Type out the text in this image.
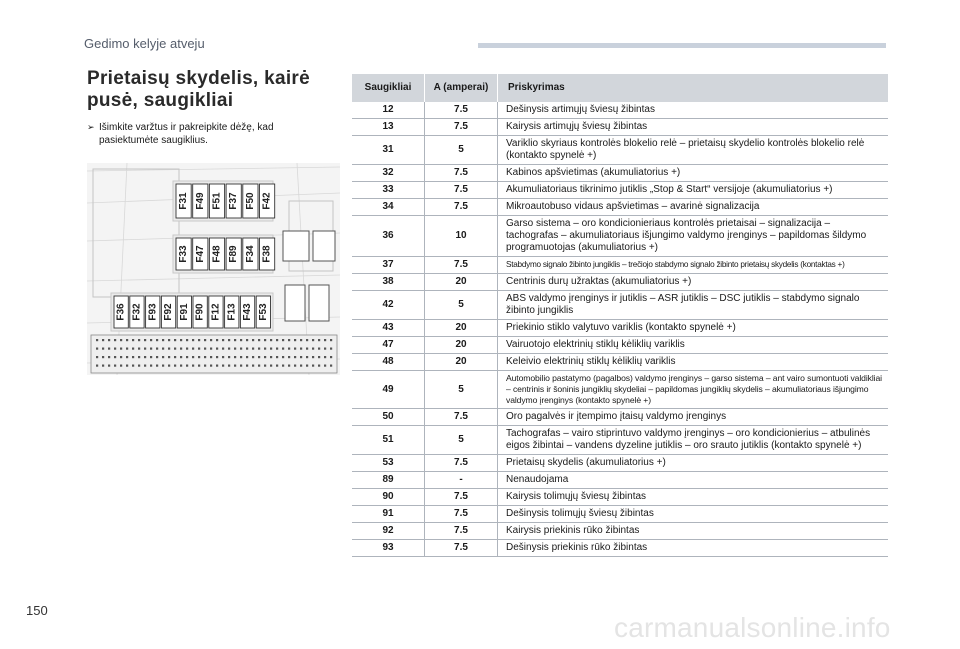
Gedimo kelyje atveju
Prietaisų skydelis, kairė pusė, saugikliai
➢ Išimkite varžtus ir pakreipkite dėžę, kad pasiektumėte saugiklius.
F31 F49 F51 F37 F50 F42
F33 F47 F48 F89 F34 F38
F36 F32 F93 F92 F91 F90 F12 F13 F43 F53
Saugikliai	A (amperai)	Priskyrimas
12	7.5	Dešinysis artimųjų šviesų žibintas
13	7.5	Kairysis artimųjų šviesų žibintas
31	5	Variklio skyriaus kontrolės blokelio relė – prietaisų skydelio kontrolės blokelio relė (kontakto spynelė +)
32	7.5	Kabinos apšvietimas (akumuliatorius +)
33	7.5	Akumuliatoriaus tikrinimo jutiklis „Stop & Start“ versijoje (akumuliatorius +)
34	7.5	Mikroautobuso vidaus apšvietimas – avarinė signalizacija
36	10	Garso sistema – oro kondicionieriaus kontrolės prietaisai – signalizacija – tachografas – akumuliatoriaus išjungimo valdymo įrenginys – papildomas šildymo programuotojas (akumuliatorius +)
37	7.5	Stabdymo signalo žibinto jungiklis – trečiojo stabdymo signalo žibinto prietaisų skydelis (kontaktas +)
38	20	Centrinis durų užraktas (akumuliatorius +)
42	5	ABS valdymo įrenginys ir jutiklis – ASR jutiklis – DSC jutiklis – stabdymo signalo žibinto jungiklis
43	20	Priekinio stiklo valytuvo variklis (kontakto spynelė +)
47	20	Vairuotojo elektrinių stiklų kėliklių variklis
48	20	Keleivio elektrinių stiklų kėliklių variklis
49	5	Automobilio pastatymo (pagalbos) valdymo įrenginys – garso sistema – ant vairo sumontuoti valdikliai – centrinis ir šoninis jungiklių skydeliai – papildomas jungiklių skydelis – akumuliatoriaus išjungimo valdymo įrenginys (kontakto spynelė +)
50	7.5	Oro pagalvės ir įtempimo įtaisų valdymo įrenginys
51	5	Tachografas – vairo stiprintuvo valdymo įrenginys – oro kondicionierius – atbulinės eigos žibintai – vandens dyzeline jutiklis – oro srauto jutiklis (kontakto spynelė +)
53	7.5	Prietaisų skydelis (akumuliatorius +)
89	-	Nenaudojama
90	7.5	Kairysis tolimųjų šviesų žibintas
91	7.5	Dešinysis tolimųjų šviesų žibintas
92	7.5	Kairysis priekinis rūko žibintas
93	7.5	Dešinysis priekinis rūko žibintas
150
carmanualsonline.info
